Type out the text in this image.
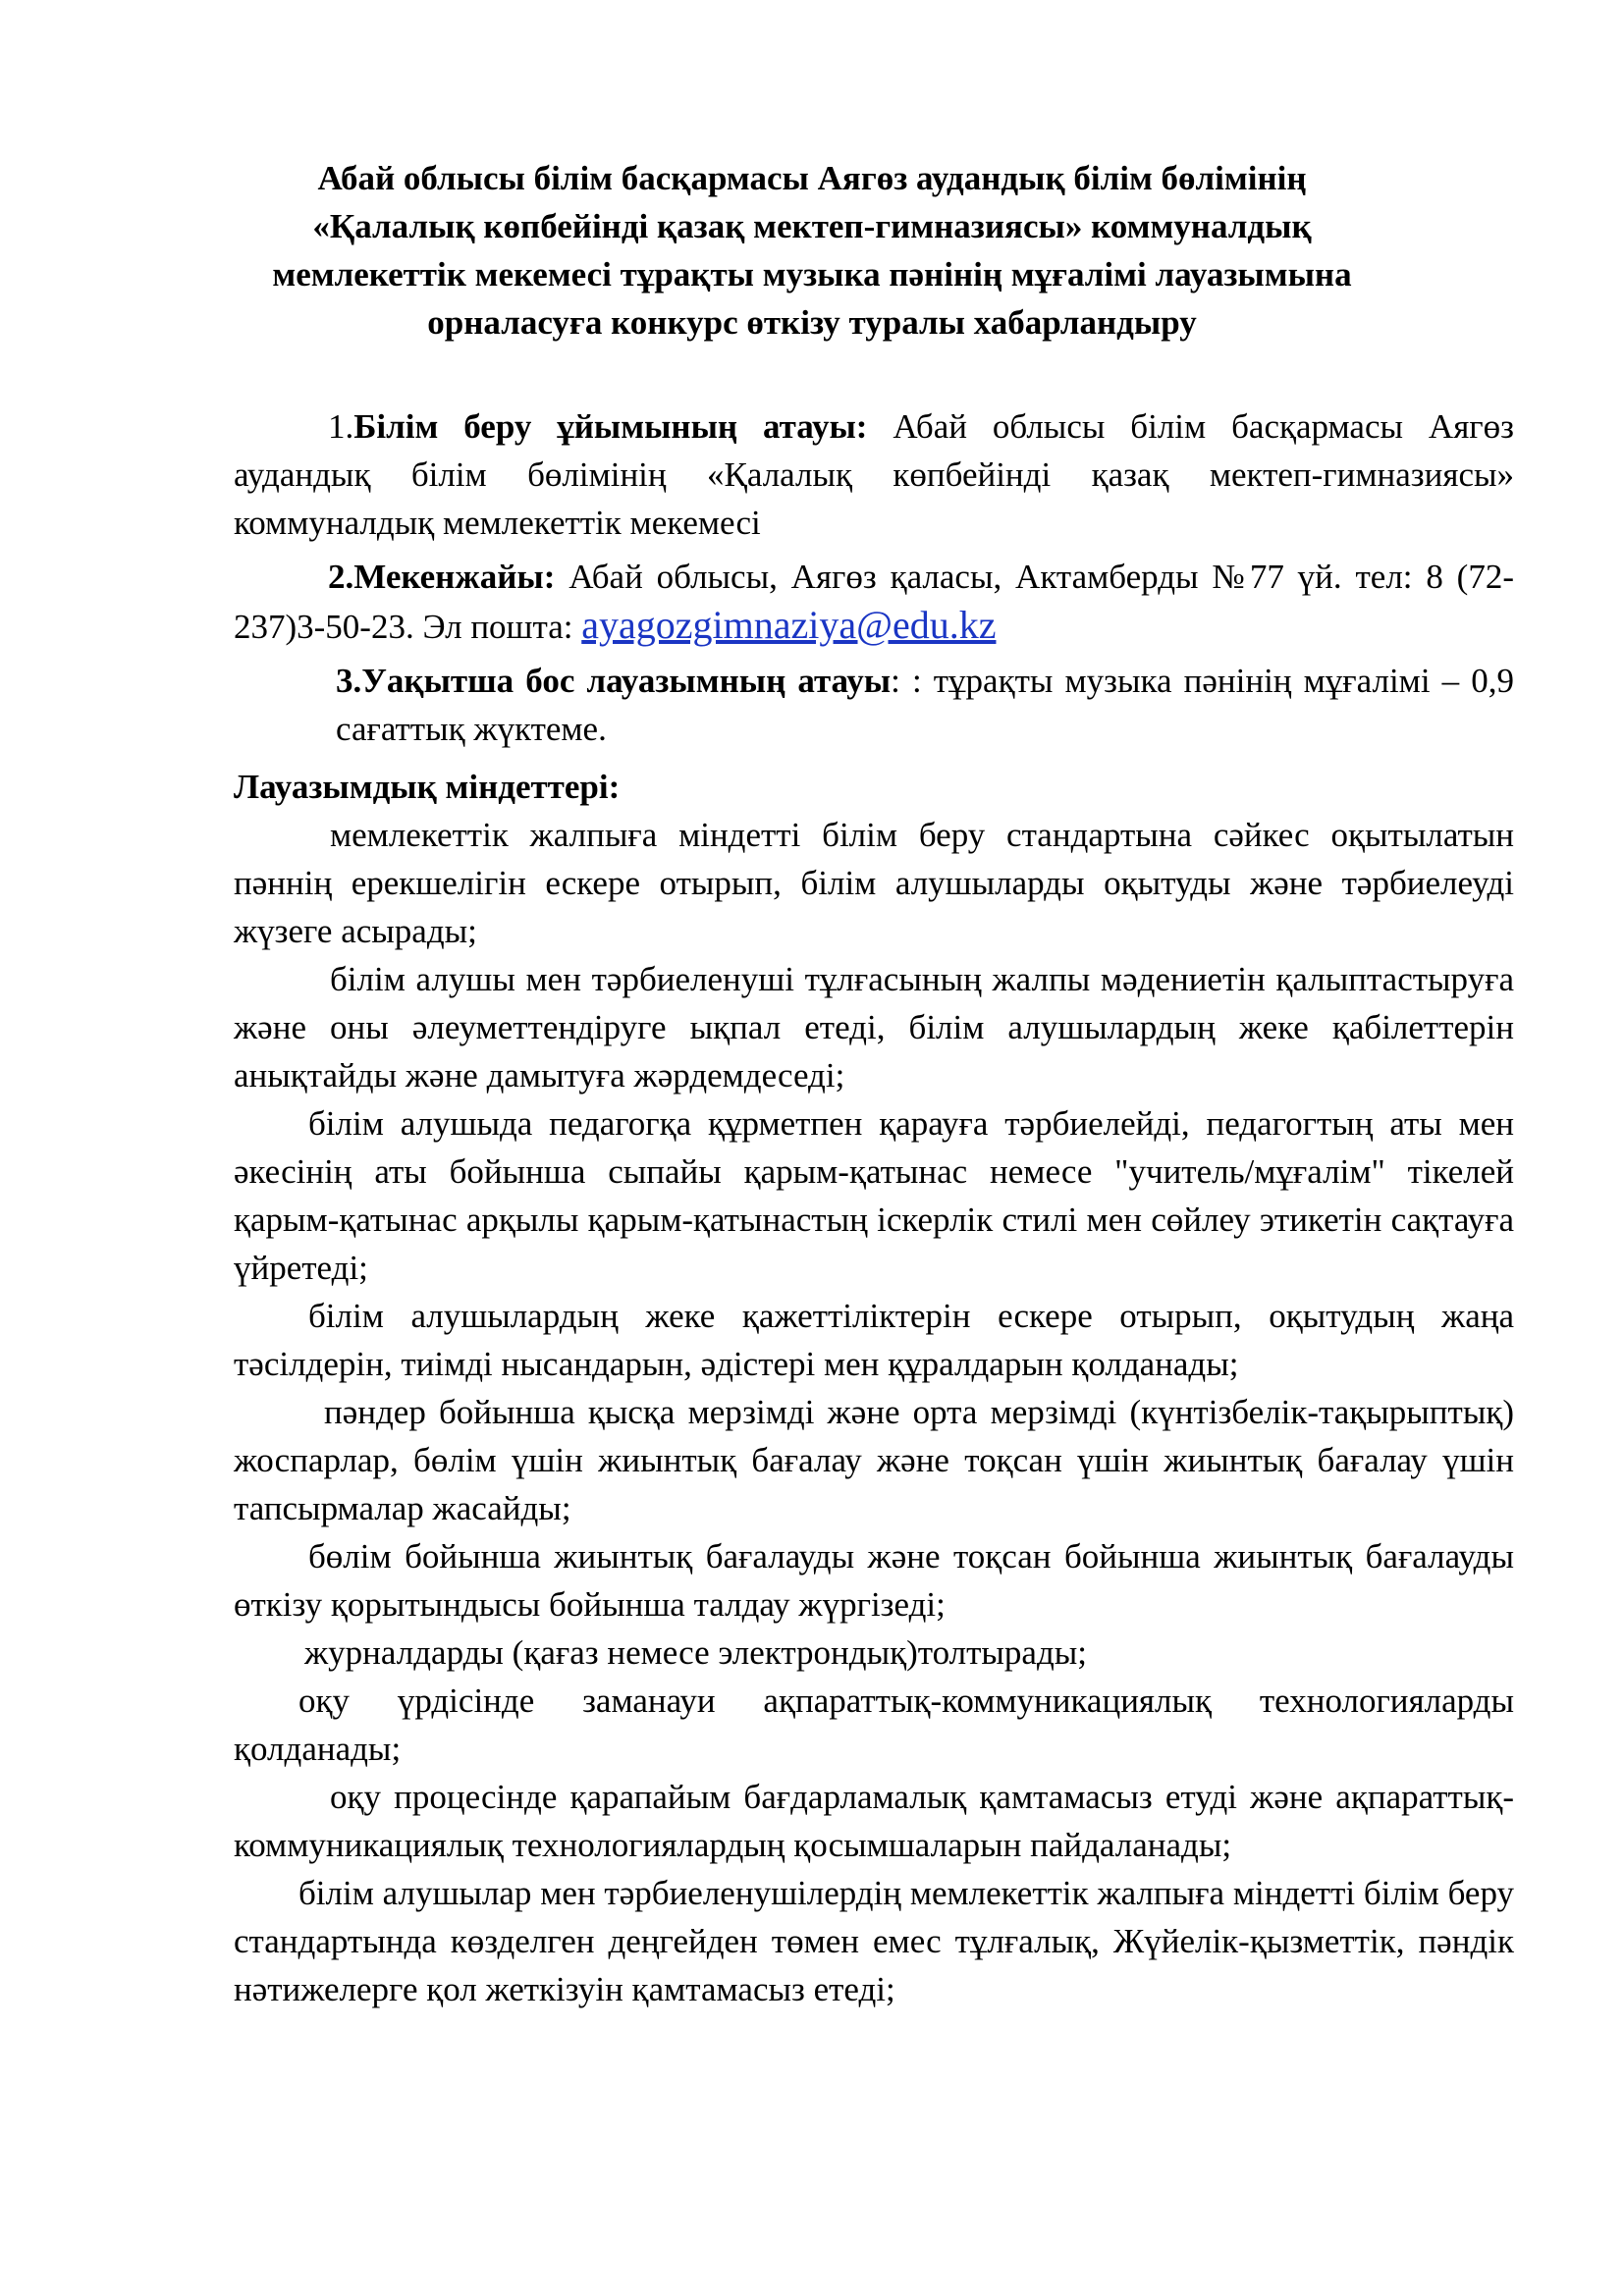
Абай облысы білім басқармасы Аягөз аудандық білім бөлімінің
«Қалалық көпбейінді қазақ мектеп-гимназиясы» коммуналдық
мемлекеттік мекемесі тұрақты музыка пәнінің мұғалімі лауазымына
орналасуға конкурс өткізу туралы хабарландыру

1.Білім беру ұйымының атауы: Абай облысы білім басқармасы Аягөз аудандық білім бөлімінің «Қалалық көпбейінді қазақ мектеп-гимназиясы» коммуналдық мемлекеттік мекемесі

2.Мекенжайы: Абай облысы, Аягөз қаласы, Актамберды №77 үй. тел: 8 (72-237)3-50-23. Эл пошта: ayagozgimnaziya@edu.kz

3.Уақытша бос лауазымның атауы: : тұрақты музыка пәнінің мұғалімі – 0,9 сағаттық жүктеме.

Лауазымдық міндеттері:

мемлекеттік жалпыға міндетті білім беру стандартына сәйкес оқытылатын пәннің ерекшелігін ескере отырып, білім алушыларды оқытуды және тәрбиелеуді жүзеге асырады;

білім алушы мен тәрбиеленуші тұлғасының жалпы мәдениетін қалыптастыруға және оны әлеуметтендіруге ықпал етеді, білім алушылардың жеке қабілеттерін анықтайды және дамытуға жәрдемдеседі;

білім алушыда педагогқа құрметпен қарауға тәрбиелейді, педагогтың аты мен әкесінің аты бойынша сыпайы қарым-қатынас немесе "учитель/мұғалім" тікелей қарым-қатынас арқылы қарым-қатынастың іскерлік стилі мен сөйлеу этикетін сақтауға үйретеді;

білім алушылардың жеке қажеттіліктерін ескере отырып, оқытудың жаңа тәсілдерін, тиімді нысандарын, әдістері мен құралдарын қолданады;

пәндер бойынша қысқа мерзімді және орта мерзімді (күнтізбелік-тақырыптық) жоспарлар, бөлім үшін жиынтық бағалау және тоқсан үшін жиынтық бағалау үшін тапсырмалар жасайды;

бөлім бойынша жиынтық бағалауды және тоқсан бойынша жиынтық бағалауды өткізу қорытындысы бойынша талдау жүргізеді;

журналдарды (қағаз немесе электрондық)толтырады;

оқу үрдісінде заманауи ақпараттық-коммуникациялық технологияларды қолданады;

оқу процесінде қарапайым бағдарламалық қамтамасыз етуді және ақпараттық-коммуникациялық технологиялардың қосымшаларын пайдаланады;

білім алушылар мен тәрбиеленушілердің мемлекеттік жалпыға міндетті білім беру стандартында көзделген деңгейден төмен емес тұлғалық, Жүйелік-қызметтік, пәндік нәтижелерге қол жеткізуін қамтамасыз етеді;
